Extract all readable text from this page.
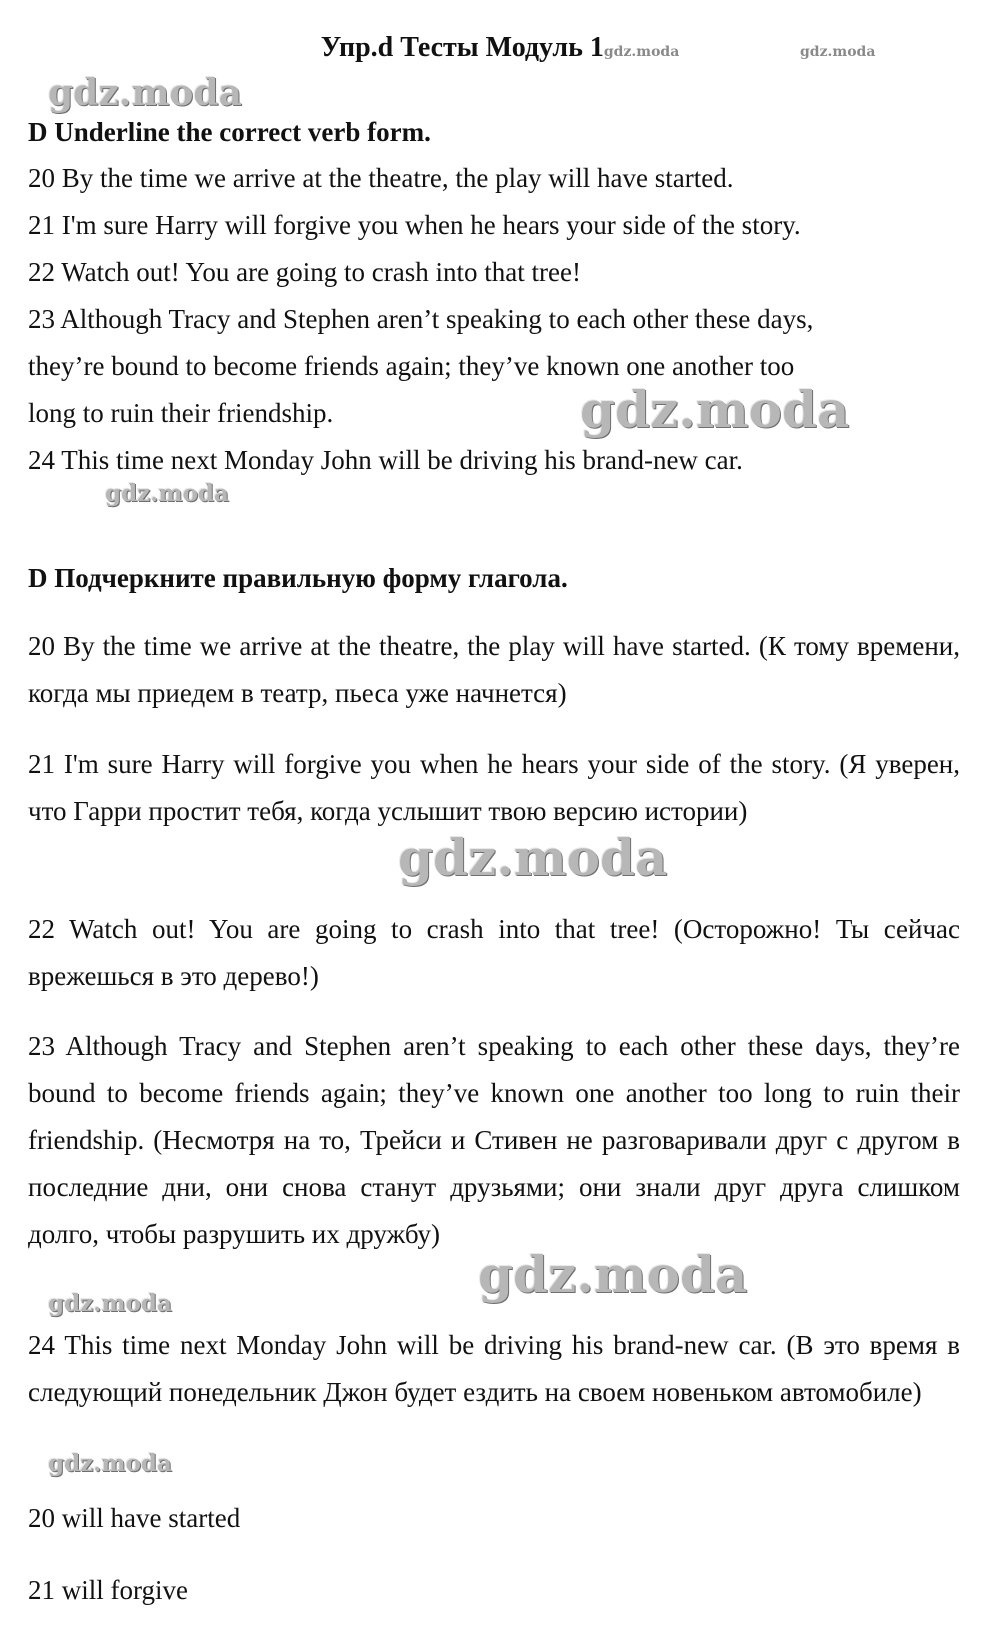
Упр.d Тесты Модуль 1gdz.moda	gdz.moda
gdz.moda
D Underline the correct verb form.
20 By the time we arrive at the theatre, the play will have started.
21 I'm sure Harry will forgive you when he hears your side of the story.
22 Watch out! You are going to crash into that tree!
23 Although Tracy and Stephen aren’t speaking to each other these days,
they’re bound to become friends again; they’ve known one another too
long to ruin their friendship.
24 This time next Monday John will be driving his brand-new car.
gdz.moda
gdz.moda
D Подчеркните правильную форму глагола.
20 By the time we arrive at the theatre, the play will have started. (К тому времени, когда мы приедем в театр, пьеса уже начнется)
21 I'm sure Harry will forgive you when he hears your side of the story. (Я уверен, что Гарри простит тебя, когда услышит твою версию истории)
gdz.moda
22 Watch out! You are going to crash into that tree! (Осторожно! Ты сейчас врежешься в это дерево!)
23 Although Tracy and Stephen aren’t speaking to each other these days, they’re bound to become friends again; they’ve known one another too long to ruin their friendship. (Несмотря на то, Трейси и Стивен не разговаривали друг с другом в последние дни, они снова станут друзьями; они знали друг друга слишком долго, чтобы разрушить их дружбу)
gdz.moda
gdz.moda
24 This time next Monday John will be driving his brand-new car. (В это время в следующий понедельник Джон будет ездить на своем новеньком автомобиле)
gdz.moda
20 will have started
21 will forgive
